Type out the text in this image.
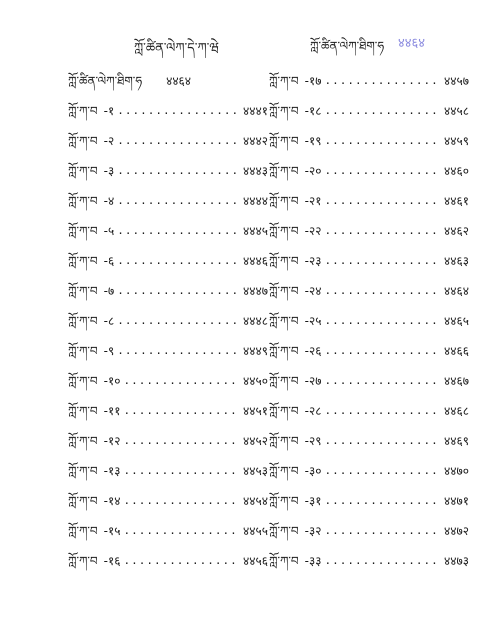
ཀློ་ཚིན་ལེཀ་དེ་ཀ་ཝེ	ཀློ་ཚིན་ལེཀ་ཐིག་ཧ ४४६४
ཀློ་ཚིན་ལེཀ་ཐིག་ཧ ४४६४
ཀློ་ཀ་བ -१ .....	४४४१
ཀློ་ཀ་བ -२ .....	४४४२
ཀློ་ཀ་བ -३ .....	४४४३
ཀློ་ཀ་བ -४ .....	४४४४
ཀློ་ཀ་བ -५ .....	४४४५
ཀློ་ཀ་བ -६ .....	४४४६
ཀློ་ཀ་བ -७ .....	४४४७
ཀློ་ཀ་བ -८ .....	४४४८
ཀློ་ཀ་བ -९ .....	४४४९
ཀློ་ཀ་བ -१० .....	४४५०
ཀློ་ཀ་བ -११ .....	४४५१
ཀློ་ཀ་བ -१२ .....	४४५२
ཀློ་ཀ་བ -१३ .....	४४५३
ཀློ་ཀ་བ -१४ .....	४४५४
ཀློ་ཀ་བ -१५ .....	४४५५
ཀློ་ཀ་བ -१६ .....	४४५६
ཀློ་ཀ་བ -१७ .....	४४५७
ཀློ་ཀ་བ -१८ .....	४४५८
ཀློ་ཀ་བ -१९ .....	४४५९
ཀློ་ཀ་བ -२० .....	४४६०
ཀློ་ཀ་བ -२१ .....	४४६१
ཀློ་ཀ་བ -२२ .....	४४६२
ཀློ་ཀ་བ -२३ .....	४४६३
ཀློ་ཀ་བ -२४ .....	४४६४
ཀློ་ཀ་བ -२५ .....	४४६५
ཀློ་ཀ་བ -२६ .....	४४६६
ཀློ་ཀ་བ -२७ .....	४४६७
ཀློ་ཀ་བ -२८ .....	४४६८
ཀློ་ཀ་བ -२९ .....	४४६९
ཀློ་ཀ་བ -३० .....	४४७०
ཀློ་ཀ་བ -३१ .....	४४७१
ཀློ་ཀ་བ -३२ .....	४४७२
ཀློ་ཀ་བ -३३ .....	४४७३
